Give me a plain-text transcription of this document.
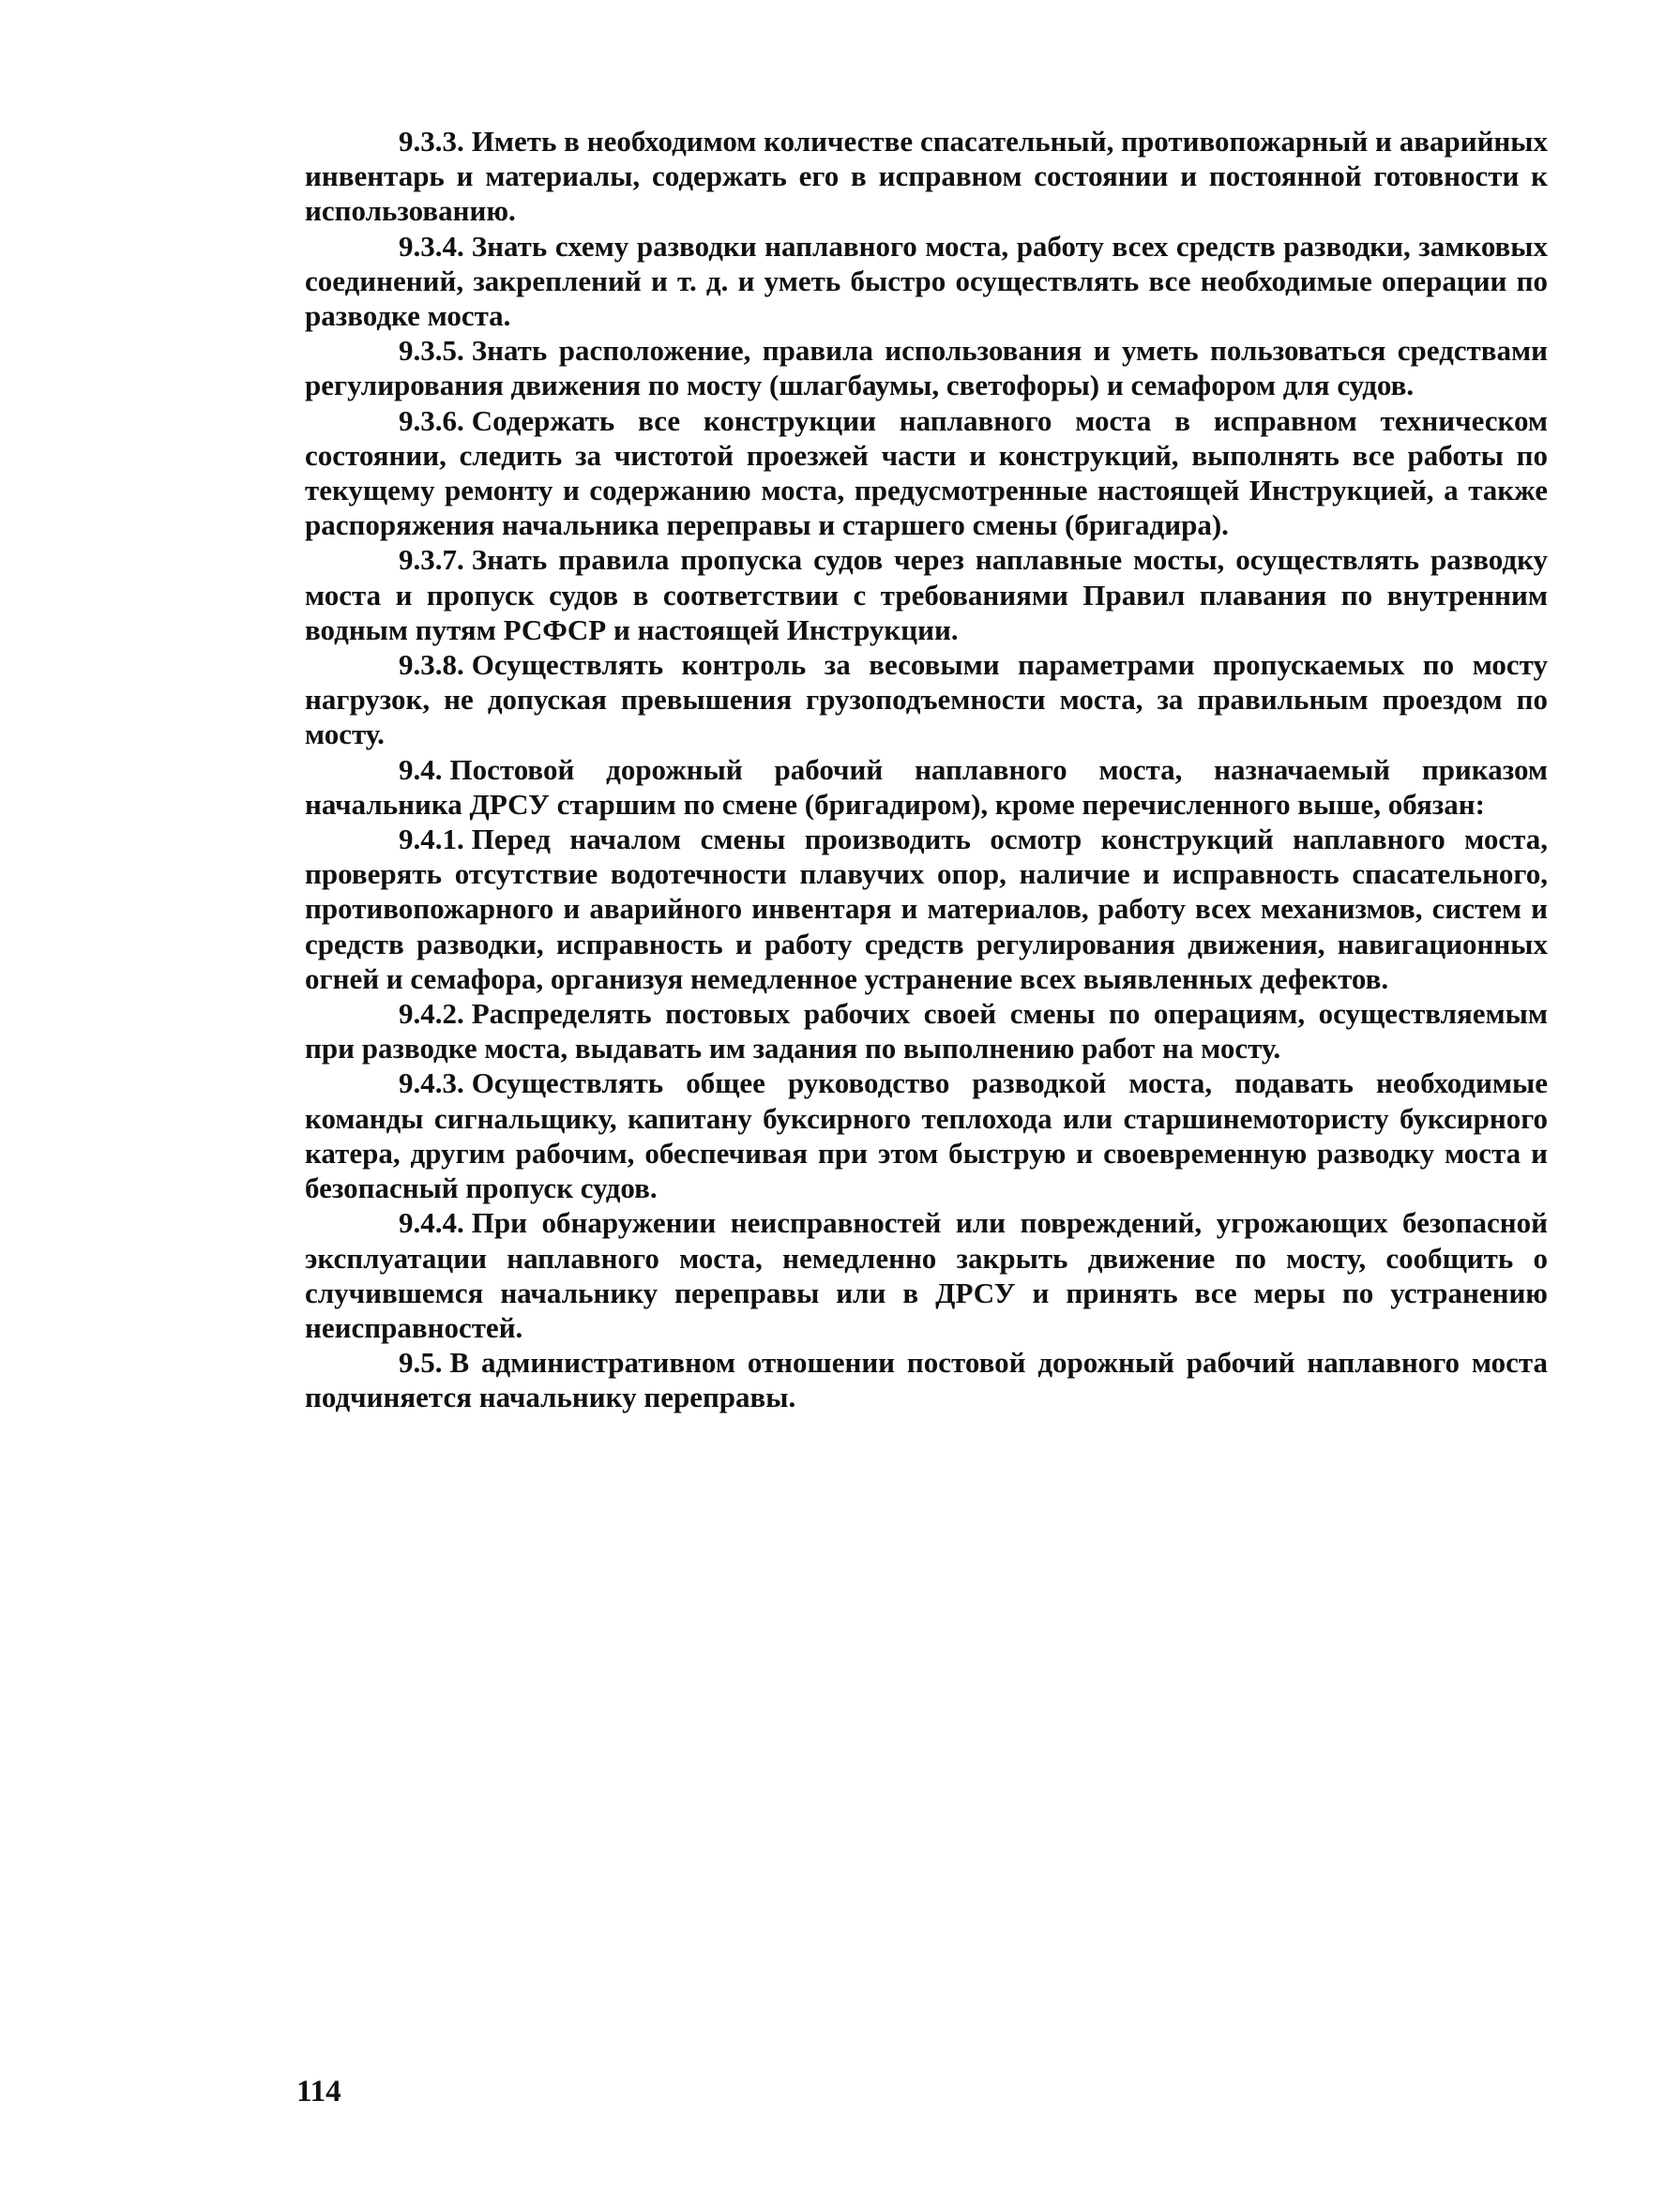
9.3.3. Иметь в необходимом количестве спасательный, противопожарный и аварийных инвентарь и материалы, содержать его в исправном состоянии и постоянной готовности к использованию.

9.3.4. Знать схему разводки наплавного моста, работу всех средств разводки, замковых соединений, закреплений и т. д. и уметь быстро осуществлять все необходимые операции по разводке моста.

9.3.5. Знать расположение, правила использования и уметь пользоваться средствами регулирования движения по мосту (шлагбаумы, светофоры) и семафором для судов.

9.3.6. Содержать все конструкции наплавного моста в исправном техническом состоянии, следить за чистотой проезжей части и конструкций, выполнять все работы по текущему ремонту и содержанию моста, предусмотренные настоящей Инструкцией, а также распоряжения начальника переправы и старшего смены (бригадира).

9.3.7. Знать правила пропуска судов через наплавные мосты, осуществлять разводку моста и пропуск судов в соответствии с требованиями Правил плавания по внутренним водным путям РСФСР и настоящей Инструкции.

9.3.8. Осуществлять контроль за весовыми параметрами пропускаемых по мосту нагрузок, не допуская превышения грузоподъемности моста, за правильным проездом по мосту.

9.4. Постовой дорожный рабочий наплавного моста, назначаемый приказом начальника ДРСУ старшим по смене (бригадиром), кроме перечисленного выше, обязан:

9.4.1. Перед началом смены производить осмотр конструкций наплавного моста, проверять отсутствие водотечности плавучих опор, наличие и исправность спасательного, противопожарного и аварийного инвентаря и материалов, работу всех механизмов, систем и средств разводки, исправность и работу средств регулирования движения, навигационных огней и семафора, организуя немедленное устранение всех выявленных дефектов.

9.4.2. Распределять постовых рабочих своей смены по операциям, осуществляемым при разводке моста, выдавать им задания по выполнению работ на мосту.

9.4.3. Осуществлять общее руководство разводкой моста, подавать необходимые команды сигнальщику, капитану буксирного теплохода или старшинемотористу буксирного катера, другим рабочим, обеспечивая при этом быструю и своевременную разводку моста и безопасный пропуск судов.

9.4.4. При обнаружении неисправностей или повреждений, угрожающих безопасной эксплуатации наплавного моста, немедленно закрыть движение по мосту, сообщить о случившемся начальнику переправы или в ДРСУ и принять все меры по устранению неисправностей.

9.5. В административном отношении постовой дорожный рабочий наплавного моста подчиняется начальнику переправы.

114
